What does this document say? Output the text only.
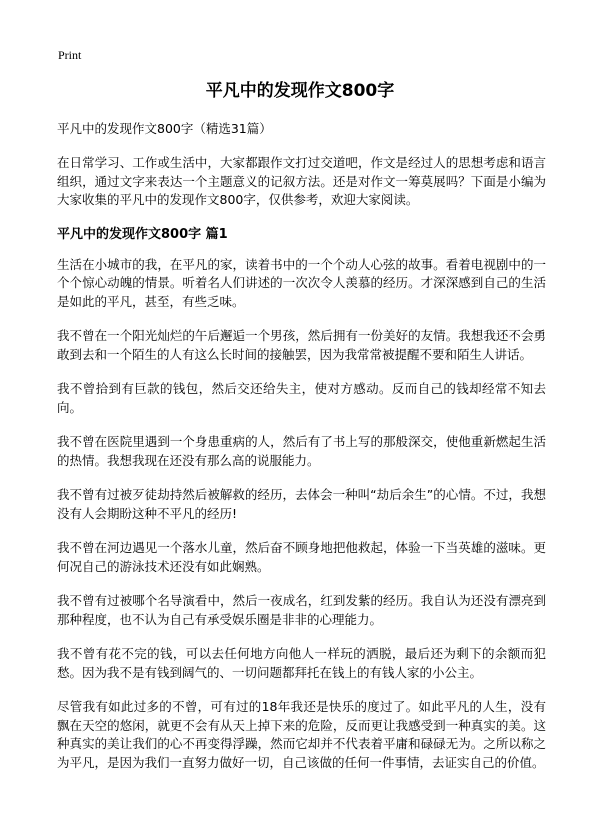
Print
平凡中的发现作文800字

平凡中的发现作文800字（精选31篇）

在日常学习、工作或生活中，大家都跟作文打过交道吧，作文是经过人的思想考虑和语言组织，通过文字来表达一个主题意义的记叙方法。还是对作文一筹莫展吗？下面是小编为大家收集的平凡中的发现作文800字，仅供参考，欢迎大家阅读。

平凡中的发现作文800字 篇1

生活在小城市的我，在平凡的家，读着书中的一个个动人心弦的故事。看着电视剧中的一个个惊心动魄的情景。听着名人们讲述的一次次令人羡慕的经历。才深深感到自己的生活是如此的平凡，甚至，有些乏味。

我不曾在一个阳光灿烂的午后邂逅一个男孩，然后拥有一份美好的友情。我想我还不会勇敢到去和一个陌生的人有这么长时间的接触罢，因为我常常被提醒不要和陌生人讲话。

我不曾拾到有巨款的钱包，然后交还给失主，使对方感动。反而自己的钱却经常不知去向。

我不曾在医院里遇到一个身患重病的人，然后有了书上写的那般深交，使他重新燃起生活的热情。我想我现在还没有那么高的说服能力。

我不曾有过被歹徒劫持然后被解救的经历，去体会一种叫“劫后余生”的心情。不过，我想没有人会期盼这种不平凡的经历!

我不曾在河边遇见一个落水儿童，然后奋不顾身地把他救起，体验一下当英雄的滋味。更何况自己的游泳技术还没有如此娴熟。

我不曾有过被哪个名导演看中，然后一夜成名，红到发紫的经历。我自认为还没有漂亮到那种程度，也不认为自己有承受娱乐圈是非非的心理能力。

我不曾有花不完的钱，可以去任何地方向他人一样玩的洒脱，最后还为剩下的余额而犯愁。因为我不是有钱到阔气的、一切问题都拜托在钱上的有钱人家的小公主。

尽管我有如此过多的不曾，可有过的18年我还是快乐的度过了。如此平凡的人生，没有飘在天空的悠闲，就更不会有从天上掉下来的危险，反而更让我感受到一种真实的美。这种真实的美让我们的心不再变得浮躁，然而它却并不代表着平庸和碌碌无为。之所以称之为平凡，是因为我们一直努力做好一切，自己该做的任何一件事情，去证实自己的价值。
